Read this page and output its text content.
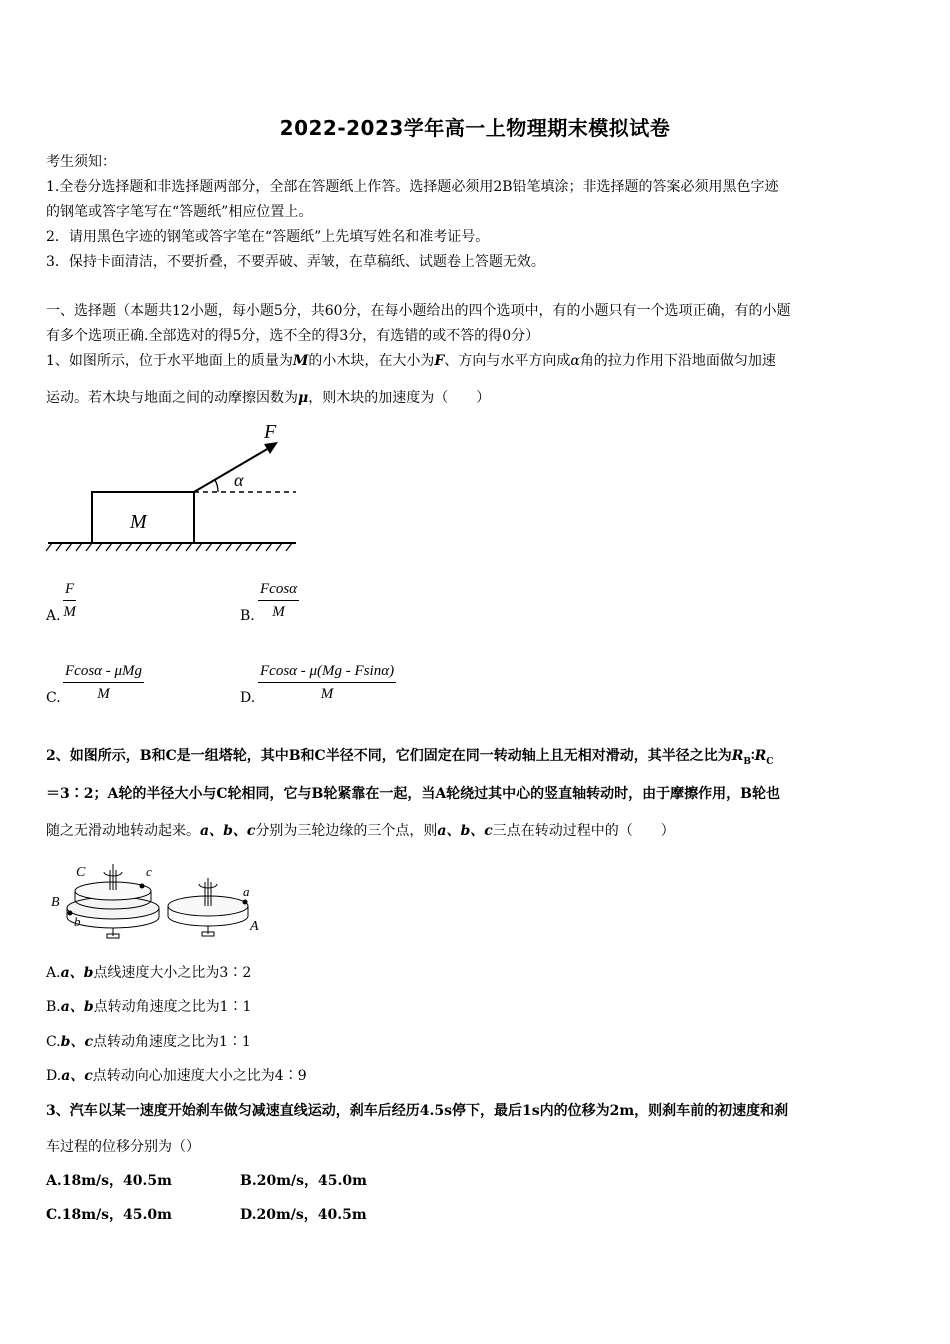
2022-2023学年高一上物理期末模拟试卷
考生须知：
1.全卷分选择题和非选择题两部分，全部在答题纸上作答。选择题必须用2B铅笔填涂；非选择题的答案必须用黑色字迹
的钢笔或答字笔写在“答题纸”相应位置上。
2．请用黑色字迹的钢笔或答字笔在“答题纸”上先填写姓名和准考证号。
3．保持卡面清洁，不要折叠，不要弄破、弄皱，在草稿纸、试题卷上答题无效。
一、选择题（本题共12小题，每小题5分，共60分，在每小题给出的四个选项中，有的小题只有一个选项正确，有的小题
有多个选项正确.全部选对的得5分，选不全的得3分，有选错的或不答的得0分）
1、如图所示，位于水平地面上的质量为M的小木块，在大小为F、方向与水平方向成α角的拉力作用下沿地面做匀加速
运动。若木块与地面之间的动摩擦因数为μ，则木块的加速度为（　　）
M
F
α
A. $\frac{F}{M}$	B. $\frac{Fcos\alpha}{M}$
C.
Fcosα - μMg
M	D. $\frac{Fcos\alpha - \mu(Mg - Fsin\alpha)}{M}$
2、如图所示，B和C是一组塔轮，其中B和C半径不同，它们固定在同一转动轴上且无相对滑动，其半径之比为$R_B∶R_C$
＝3∶2；A轮的半径大小与C轮相同，它与B轮紧靠在一起，当A轮绕过其中心的竖直轴转动时，由于摩擦作用，B轮也
随之无滑动地转动起来。a、b、c分别为三轮边缘的三个点，则a、b、c三点在转动过程中的（　　）
C	c
B
b
a
A
A.a、b点线速度大小之比为3∶2
B.a、b点转动角速度之比为1∶1
C.b、c点转动角速度之比为1∶1
D.a、c点转动向心加速度大小之比为4∶9
3、汽车以某一速度开始刹车做匀减速直线运动，刹车后经历4.5s停下，最后1s内的位移为2m，则刹车前的初速度和刹
车过程的位移分别为（）
A.18m/s，40.5m	B.20m/s，45.0m
C.18m/s，45.0m	D.20m/s，40.5m
